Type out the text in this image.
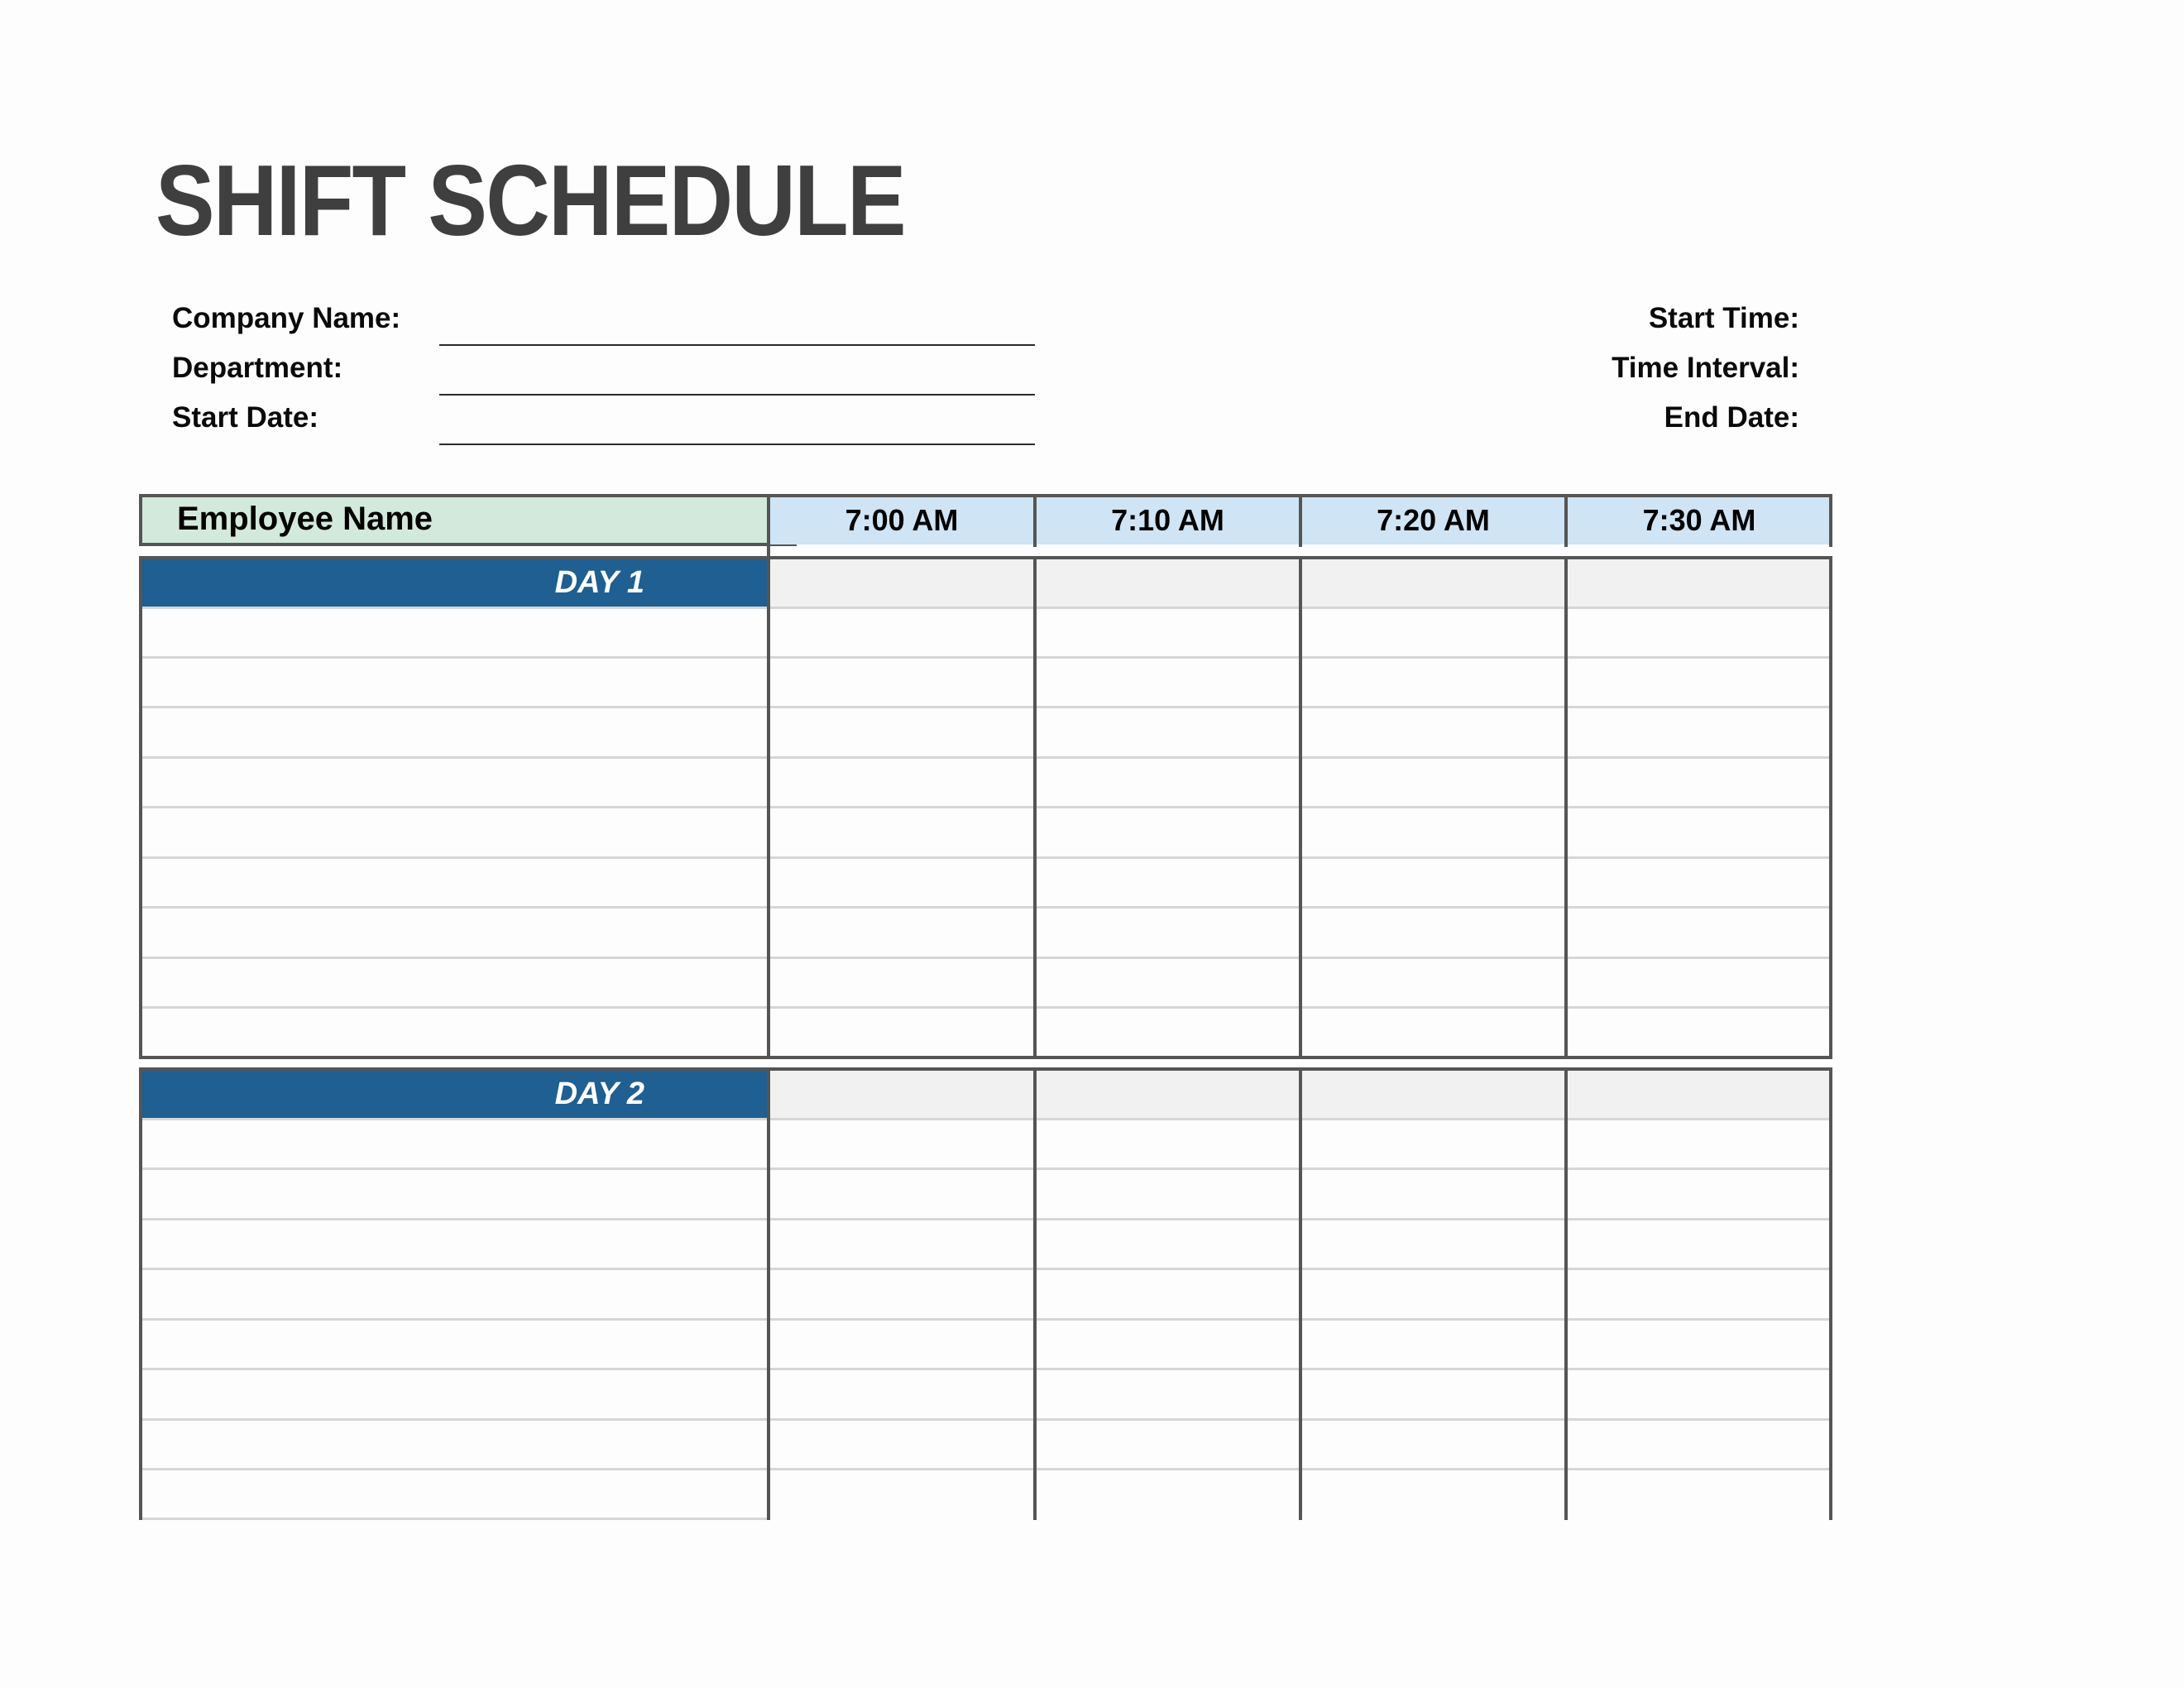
SHIFT SCHEDULE
Company Name:
Department:
Start Date:
Start Time:
Time Interval:
End Date:
Employee Name	7:00 AM	7:10 AM	7:20 AM	7:30 AM
DAY 1
DAY 2
